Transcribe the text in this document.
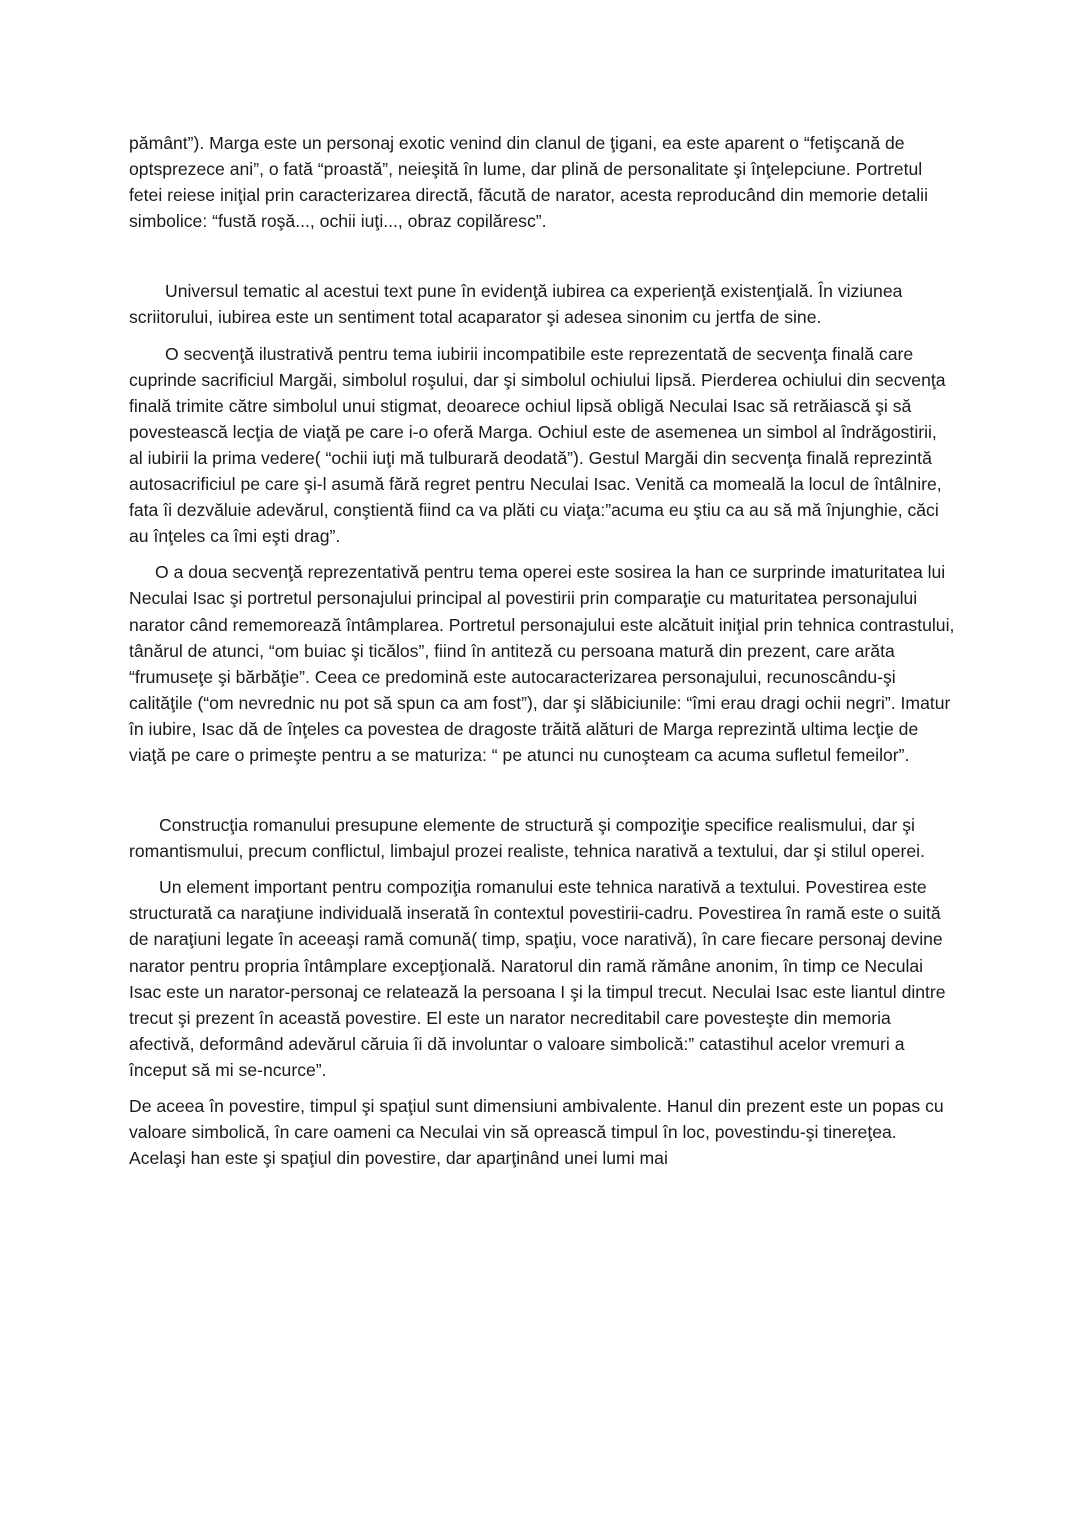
pământ”). Marga este un personaj exotic venind din clanul de ţigani, ea este aparent o “fetişcană de optsprezece ani”, o fată “proastă”, neieşită în lume, dar plină de personalitate şi înţelepciune. Portretul fetei reiese iniţial prin caracterizarea directă, făcută de narator, acesta reproducând din memorie detalii simbolice: “fustă roşă..., ochii iuţi..., obraz copilăresc”.

Universul tematic al acestui text pune în evidenţă iubirea ca experienţă existenţială. În viziunea scriitorului, iubirea este un sentiment total acaparator şi adesea sinonim cu jertfa de sine.

O secvenţă ilustrativă pentru tema iubirii incompatibile este reprezentată de secvenţa finală care cuprinde sacrificiul Margăi, simbolul roşului, dar şi simbolul ochiului lipsă. Pierderea ochiului din secvenţa finală trimite către simbolul unui stigmat, deoarece ochiul lipsă obligă Neculai Isac să retrăiască şi să povestească lecţia de viaţă pe care i-o oferă Marga. Ochiul este de asemenea un simbol al îndrăgostirii, al iubirii la prima vedere( “ochii iuţi mă tulburară deodată”). Gestul Margăi din secvenţa finală reprezintă autosacrificiul pe care şi-l asumă fără regret pentru Neculai Isac. Venită ca momeală la locul de întâlnire, fata îi dezvăluie adevărul, conştientă fiind ca va plăti cu viaţa:”acuma eu ştiu ca au să mă înjunghie, căci au înţeles ca îmi eşti drag”.

O a doua secvenţă reprezentativă pentru tema operei este sosirea la han ce surprinde imaturitatea lui Neculai Isac şi portretul personajului principal al povestirii prin comparaţie cu maturitatea personajului narator când rememorează întâmplarea. Portretul personajului este alcătuit iniţial prin tehnica contrastului, tânărul de atunci, “om buiac şi ticălos”, fiind în antiteză cu persoana matură din prezent, care arăta “frumuseţe şi bărbăţie”. Ceea ce predomină este autocaracterizarea personajului, recunoscându-şi calităţile (“om nevrednic nu pot să spun ca am fost”), dar şi slăbiciunile: “îmi erau dragi ochii negri”. Imatur în iubire, Isac dă de înţeles ca povestea de dragoste trăită alături de Marga reprezintă ultima lecţie de viaţă pe care o primeşte pentru a se maturiza: “ pe atunci nu cunoşteam ca acuma sufletul femeilor”.

Construcţia romanului presupune elemente de structură şi compoziţie specifice realismului, dar şi romantismului, precum conflictul, limbajul prozei realiste, tehnica narativă a textului, dar şi stilul operei.

Un element important pentru compoziţia romanului este tehnica narativă a textului. Povestirea este structurată ca naraţiune individuală inserată în contextul povestirii-cadru. Povestirea în ramă este o suită de naraţiuni legate în aceeaşi ramă comună( timp, spaţiu, voce narativă), în care fiecare personaj devine narator pentru propria întâmplare excepţională. Naratorul din ramă rămâne anonim, în timp ce Neculai Isac este un narator-personaj ce relatează la persoana I şi la timpul trecut. Neculai Isac este liantul dintre trecut şi prezent în această povestire. El este un narator necreditabil care povesteşte din memoria afectivă, deformând adevărul căruia îi dă involuntar o valoare simbolică:” catastihul acelor vremuri a început să mi se-ncurce”.

De aceea în povestire, timpul şi spaţiul sunt dimensiuni ambivalente. Hanul din prezent este un popas cu valoare simbolică, în care oameni ca Neculai vin să oprească timpul în loc, povestindu-şi tinereţea. Acelaşi han este şi spaţiul din povestire, dar aparţinând unei lumi mai
